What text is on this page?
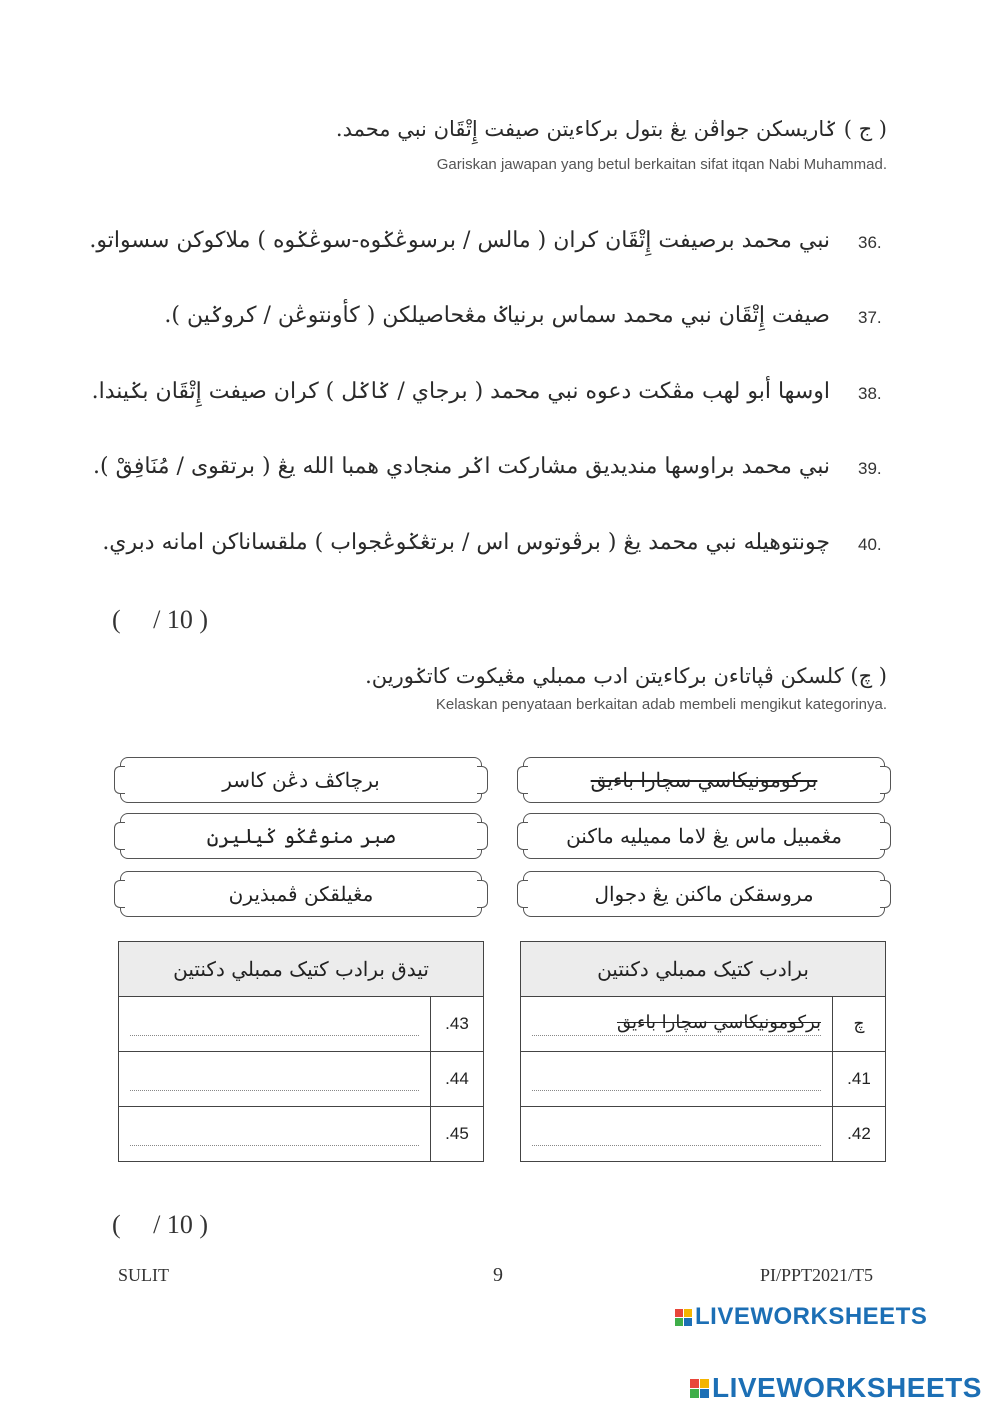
( ج ) ݢاريسکن جواڤن يڠ بتول برکاءيتن صيفت إِتْقَان نبي محمد.
Gariskan jawapan yang betul berkaitan sifat itqan Nabi Muhammad.
36.
نبي محمد برصيفت إِتْقَان کران ( مالس / برسوڠݢوه-سوڠݢوه ) ملاکوکن سسواتو.
37.
صيفت إِتْقَان نبي محمد سماس برنياݢ مڠحاصيلکن ( کأونتوڠن / کروݢين ).
38.
اوسها أبو لهب مڤکت دعوه نبي محمد ( برجاي / ݢاݢل ) کران صيفت إِتْقَان بݢيندا.
39.
نبي محمد براوسها منديديق مشارکت اݢر منجادي همبا الله يڠ ( برتقوى / مُنَافِقْ ).
40.
چونتوهيله نبي محمد يڠ ( برڤوتوس اس / برتڠݢوڠجواب ) ملقساناکن امانه دبري.
(     / 10 )
( چ) کلسکن ڤڽاتاءن برکاءيتن ادب ممبلي مڠيکوت کاتݢورين.
Kelaskan penyataan berkaitan adab membeli mengikut kategorinya.
برچاکڤ دڠن کاسر
صبر منوڠݢو ݢيليرن
مڠيلقکن ڤمبذيرن
برکومونيکاسي سچارا باءيق
مڠمبيل ماس يڠ لاما مميليه ماکنن
مروسقکن ماکنن يڠ دجوال
تيدق برادب کتيک ممبلي دکنتين	

	.43

	.44

	.45
برادب کتيک ممبلي دکنتين	

برکومونيکاسي سچارا باءيق	چ

	.41

	.42
(     / 10 )
SULIT	9	PI/PPT2021/T5
LIVEWORKSHEETS
LIVEWORKSHEETS
